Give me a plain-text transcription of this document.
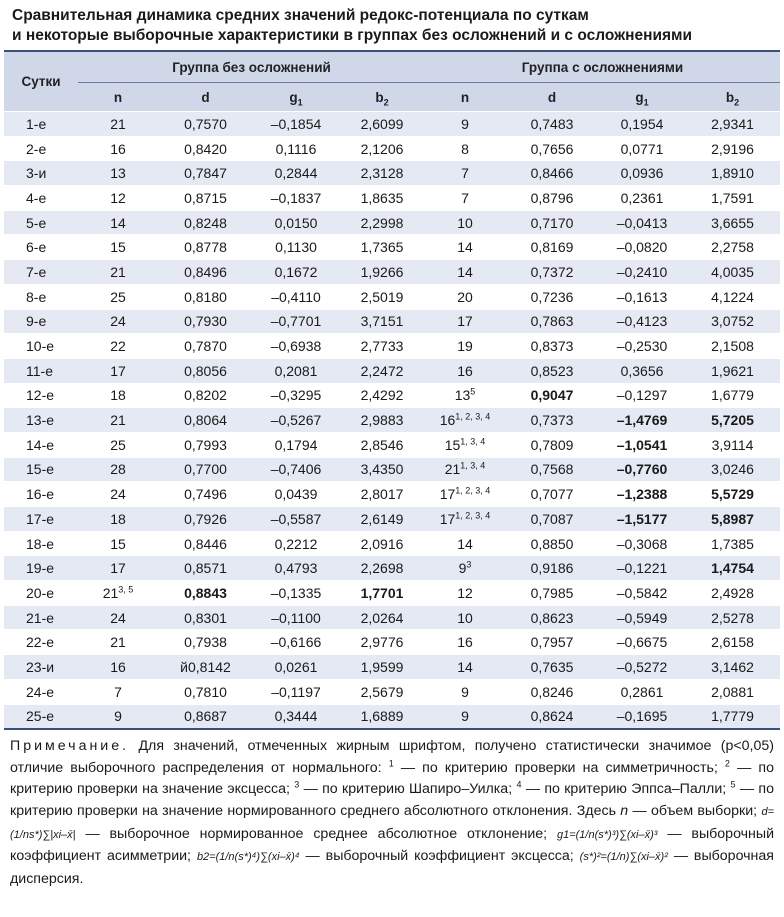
Сравнительная динамика средних значений редокс-потенциала по суткам
и некоторые выборочные характеристики в группах без осложнений и с осложнениями
Сутки	Группа без осложнений				Группа с осложнениями			
	n	d	$g_1$	$b_2$	n	d	$g_1$	$b_2$
1-е	21	0,7570	–0,1854	2,6099	9	0,7483	0,1954	2,9341
2-е	16	0,8420	0,1116	2,1206	8	0,7656	0,0771	2,9196
3-и	13	0,7847	0,2844	2,3128	7	0,8466	0,0936	1,8910
4-е	12	0,8715	–0,1837	1,8635	7	0,8796	0,2361	1,7591
5-е	14	0,8248	0,0150	2,2998	10	0,7170	–0,0413	3,6655
6-е	15	0,8778	0,1130	1,7365	14	0,8169	–0,0820	2,2758
7-е	21	0,8496	0,1672	1,9266	14	0,7372	–0,2410	4,0035
8-е	25	0,8180	–0,4110	2,5019	20	0,7236	–0,1613	4,1224
9-е	24	0,7930	–0,7701	3,7151	17	0,7863	–0,4123	3,0752
10-е	22	0,7870	–0,6938	2,7733	19	0,8373	–0,2530	2,1508
11-е	17	0,8056	0,2081	2,2472	16	0,8523	0,3656	1,9621
12-е	18	0,8202	–0,3295	2,4292	$13^5$	0,9047	–0,1297	1,6779
13-е	21	0,8064	–0,5267	2,9883	16$^{1, 2, 3, 4}$	0,7373	–1,4769	5,7205
14-е	25	0,7993	0,1794	2,8546	15$^{1, 3, 4}$	0,7809	–1,0541	3,9114
15-е	28	0,7700	–0,7406	3,4350	21$^{1, 3, 4}$	0,7568	–0,7760	3,0246
16-е	24	0,7496	0,0439	2,8017	17$^{1, 2, 3, 4}$	0,7077	–1,2388	5,5729
17-е	18	0,7926	–0,5587	2,6149	17$^{1, 2, 3, 4}$	0,7087	–1,5177	5,8987
18-е	15	0,8446	0,2212	2,0916	14	0,8850	–0,3068	1,7385
19-е	17	0,8571	0,4793	2,2698	$9^3$	0,9186	–0,1221	1,4754
20-е	21$^{3, 5}$	0,8843	–0,1335	1,7701	12	0,7985	–0,5842	2,4928
21-е	24	0,8301	–0,1100	2,0264	10	0,8623	–0,5949	2,5278
22-е	21	0,7938	–0,6166	2,9776	16	0,7957	–0,6675	2,6158
23-и	16	й0,8142	0,0261	1,9599	14	0,7635	–0,5272	3,1462
24-е	7	0,7810	–0,1197	2,5679	9	0,8246	0,2861	2,0881
25-е	9	0,8687	0,3444	1,6889	9	0,8624	–0,1695	1,7779
Примечание. Для значений, отмеченных жирным шрифтом, получено статистически значимое (p<0,05) отличие выборочного распределения от нормального: $^1$ — по критерию проверки на симметричность; $^2$ — по критерию проверки на значение эксцесса; $^3$ — по критерию Шапиро–Уилка; $^4$ — по критерию Эппса–Палли; $^5$ — по критерию проверки на значение нормированного среднего абсолютного отклонения. Здесь n — объем выборки; d=(1/ns*)∑|xi–x̄| — выборочное нормированное среднее абсолютное отклонение; g1=(1/n(s*)³)∑(xi–x̄)³ — выборочный коэффициент асимметрии; b2=(1/n(s*)⁴)∑(xi–x̄)⁴ — выборочный коэффициент эксцесса; (s*)²=(1/n)∑(xi–x̄)² — выборочная дисперсия.
